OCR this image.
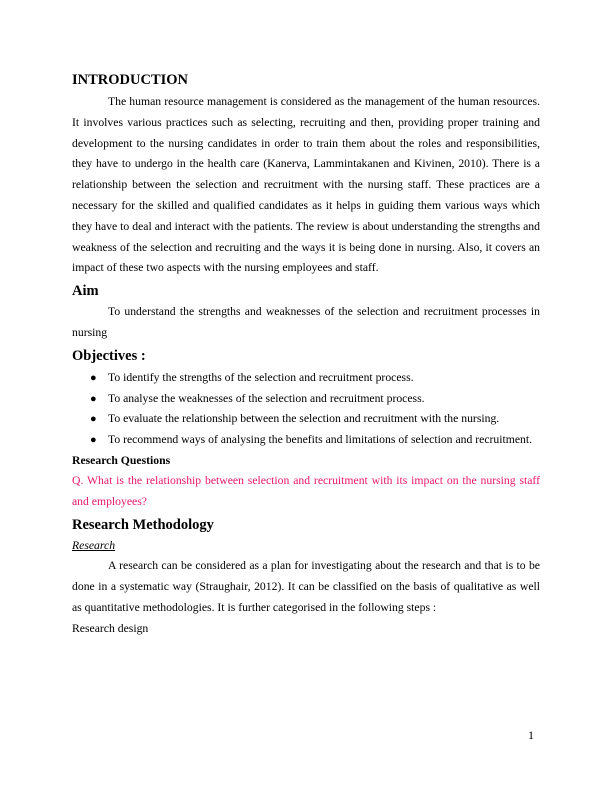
INTRODUCTION

The human resource management is considered as the management of the human resources. It involves various practices such as selecting, recruiting and then, providing proper training and development to the nursing candidates in order to train them about the roles and responsibilities, they have to undergo in the health care (Kanerva, Lammintakanen and Kivinen, 2010). There is a relationship between the selection and recruitment with the nursing staff. These practices are a necessary for the skilled and qualified candidates as it helps in guiding them various ways which they have to deal and interact with the patients. The review is about understanding the strengths and weakness of the selection and recruiting and the ways it is being done in nursing. Also, it covers an impact of these two aspects with the nursing employees and staff.

Aim

To understand the strengths and weaknesses of the selection and recruitment processes in nursing

Objectives :
● To identify the strengths of the selection and recruitment process.
● To analyse the weaknesses of the selection and recruitment process.
● To evaluate the relationship between the selection and recruitment with the nursing.
● To recommend ways of analysing the benefits and limitations of selection and recruitment.

Research Questions

Q. What is the relationship between selection and recruitment with its impact on the nursing staff and employees?

Research Methodology

Research

A research can be considered as a plan for investigating about the research and that is to be done in a systematic way (Straughair, 2012). It can be classified on the basis of qualitative as well as quantitative methodologies. It is further categorised in the following steps :

Research design

1
